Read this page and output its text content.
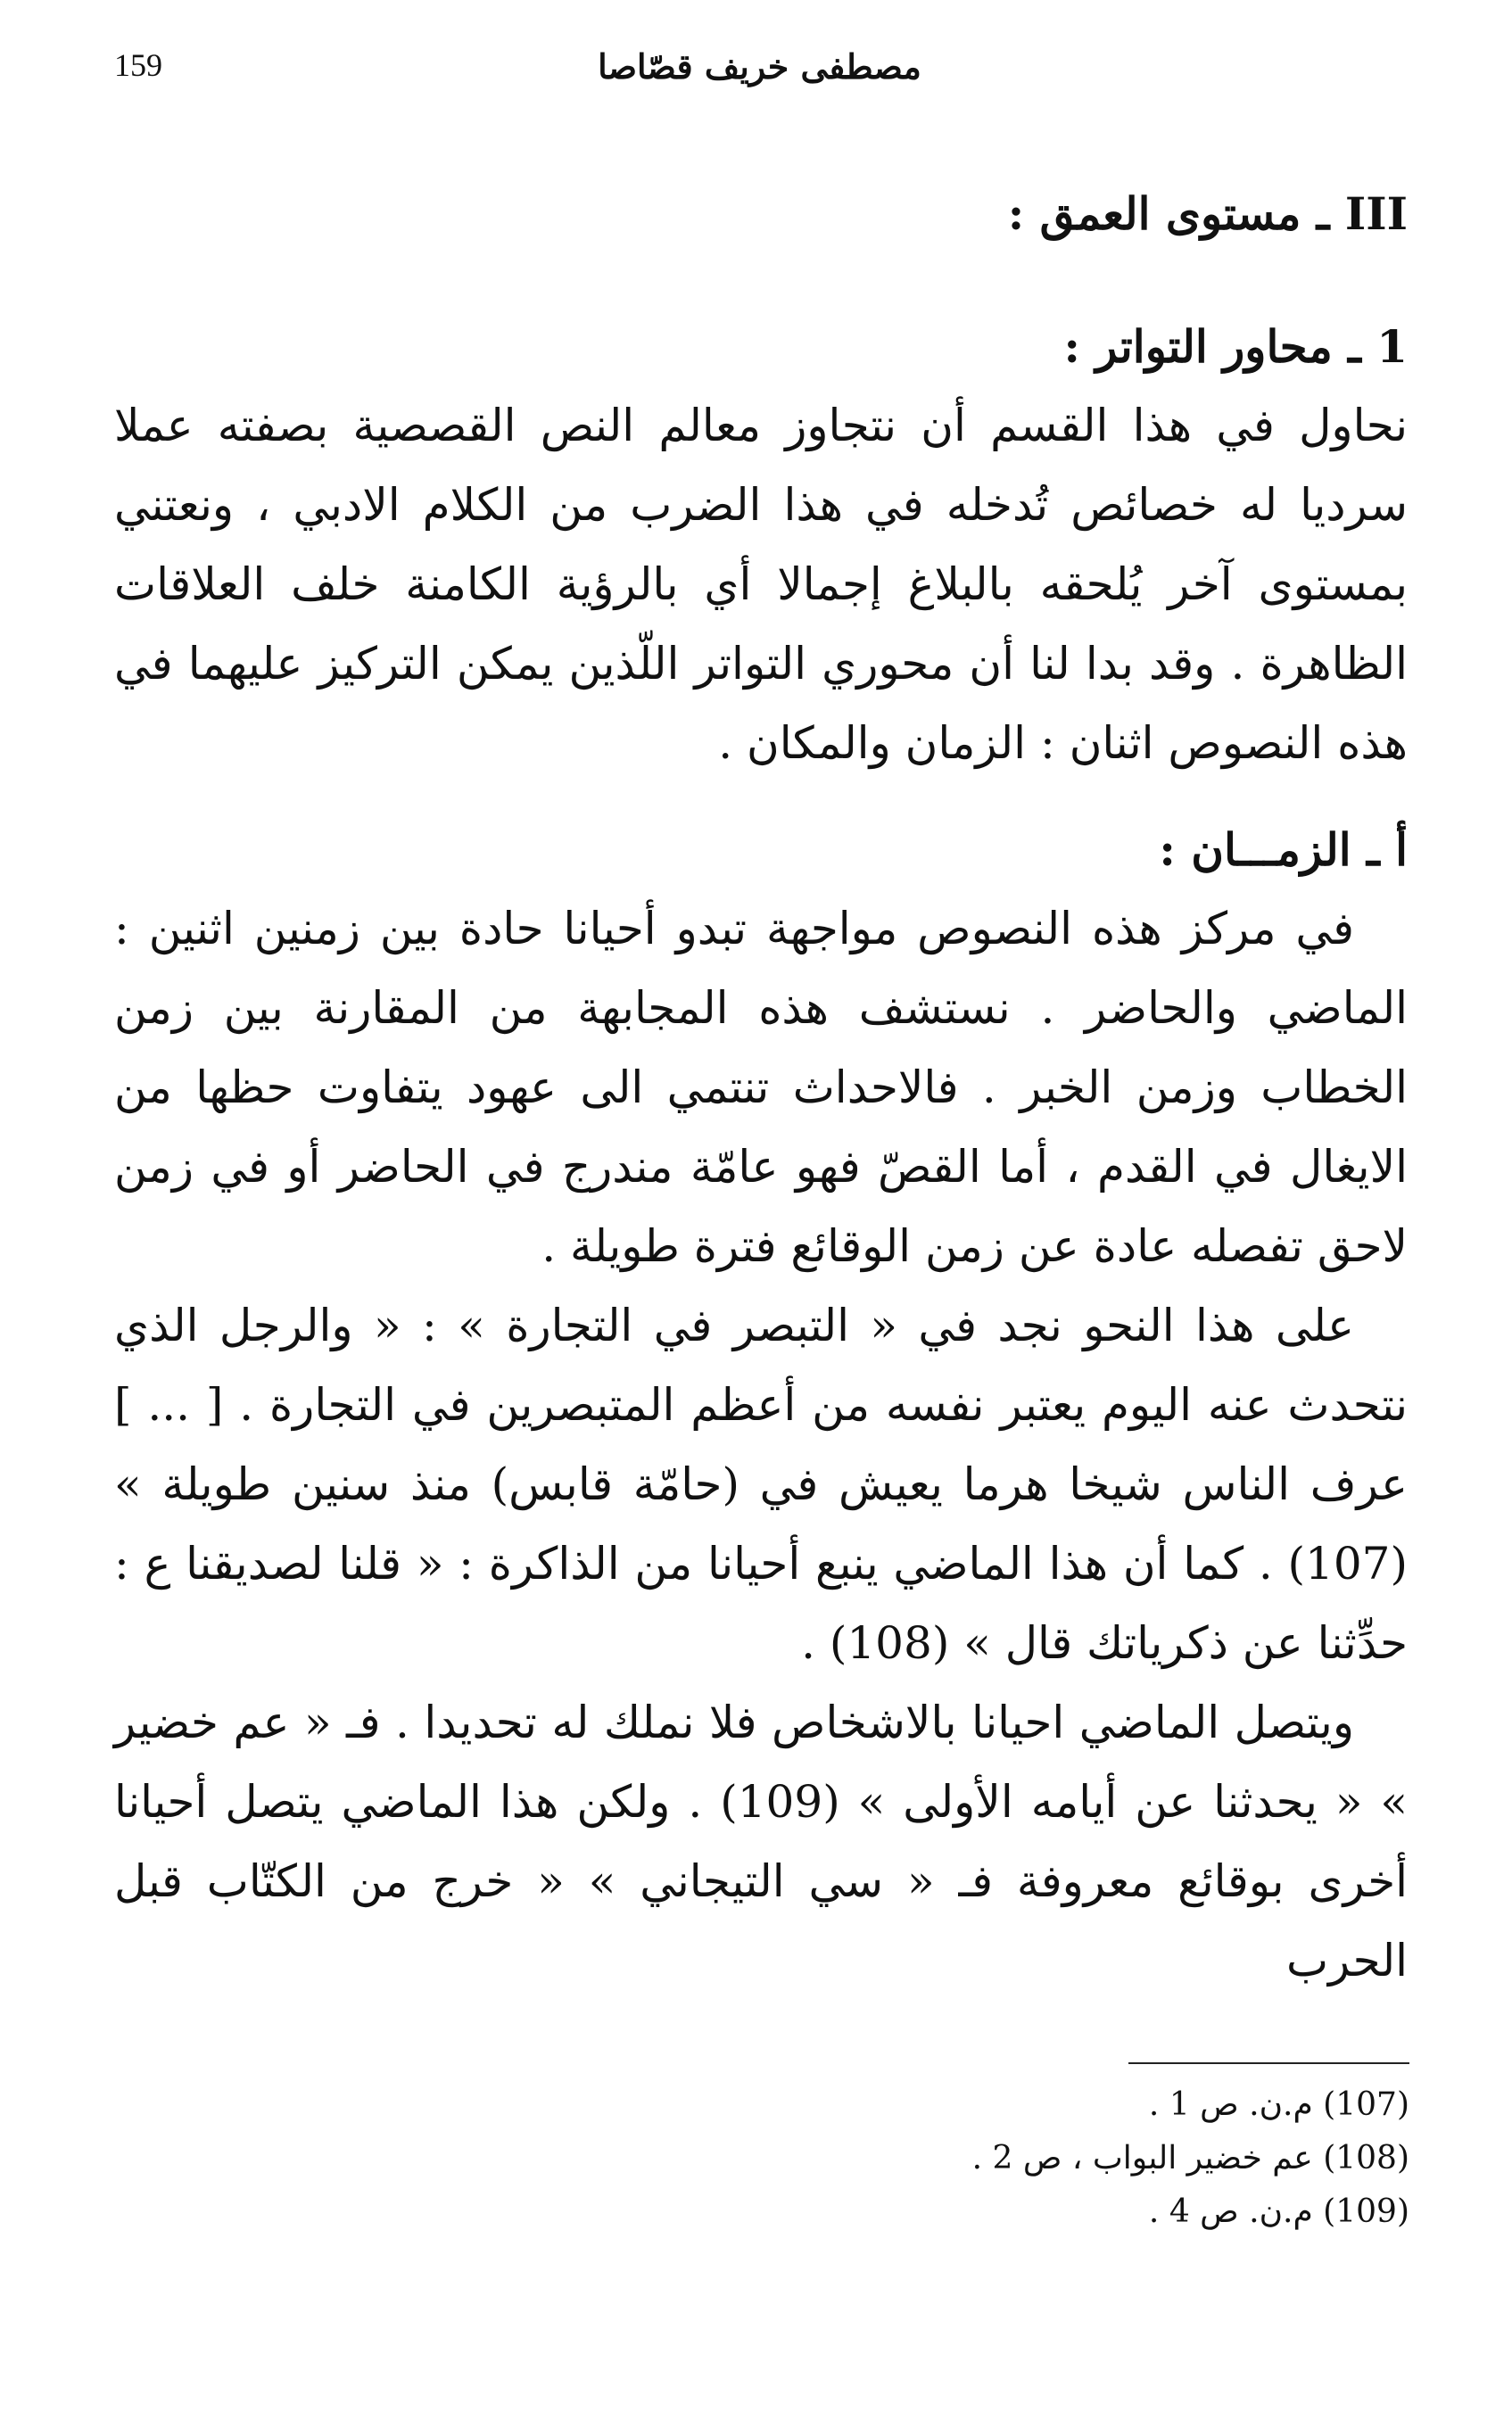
159	مصطفى خريف قصّاصا

III ـ مستوى العمق :

1 ـ محاور التواتر :

نحاول في هذا القسم أن نتجاوز معالم النص القصصية بصفته عملا سرديا له خصائص تُدخله في هذا الضرب من الكلام الادبي ، ونعتني بمستوى آخر يُلحقه بالبلاغ إجمالا أي بالرؤية الكامنة خلف العلاقات الظاهرة . وقد بدا لنا أن محوري التواتر اللّذين يمكن التركيز عليهما في هذه النصوص اثنان : الزمان والمكان .

أ ـ الزمـــان :

في مركز هذه النصوص مواجهة تبدو أحيانا حادة بين زمنين اثنين : الماضي والحاضر . نستشف هذه المجابهة من المقارنة بين زمن الخطاب وزمن الخبر . فالاحداث تنتمي الى عهود يتفاوت حظها من الايغال في القدم ، أما القصّ فهو عامّة مندرج في الحاضر أو في زمن لاحق تفصله عادة عن زمن الوقائع فترة طويلة .

على هذا النحو نجد في « التبصر في التجارة » : « والرجل الذي نتحدث عنه اليوم يعتبر نفسه من أعظم المتبصرين في التجارة . [ ... ] عرف الناس شيخا هرما يعيش في (حامّة قابس) منذ سنين طويلة » (107) . كما أن هذا الماضي ينبع أحيانا من الذاكرة : « قلنا لصديقنا ع : حدِّثنا عن ذكرياتك قال » (108) .

ويتصل الماضي احيانا بالاشخاص فلا نملك له تحديدا . فـ « عم خضير » « يحدثنا عن أيامه الأولى » (109) . ولكن هذا الماضي يتصل أحيانا أخرى بوقائع معروفة فـ « سي التيجاني » « خرج من الكتّاب قبل الحرب

(107) م.ن. ص 1 .
(108) عم خضير البواب ، ص 2 .
(109) م.ن. ص 4 .
